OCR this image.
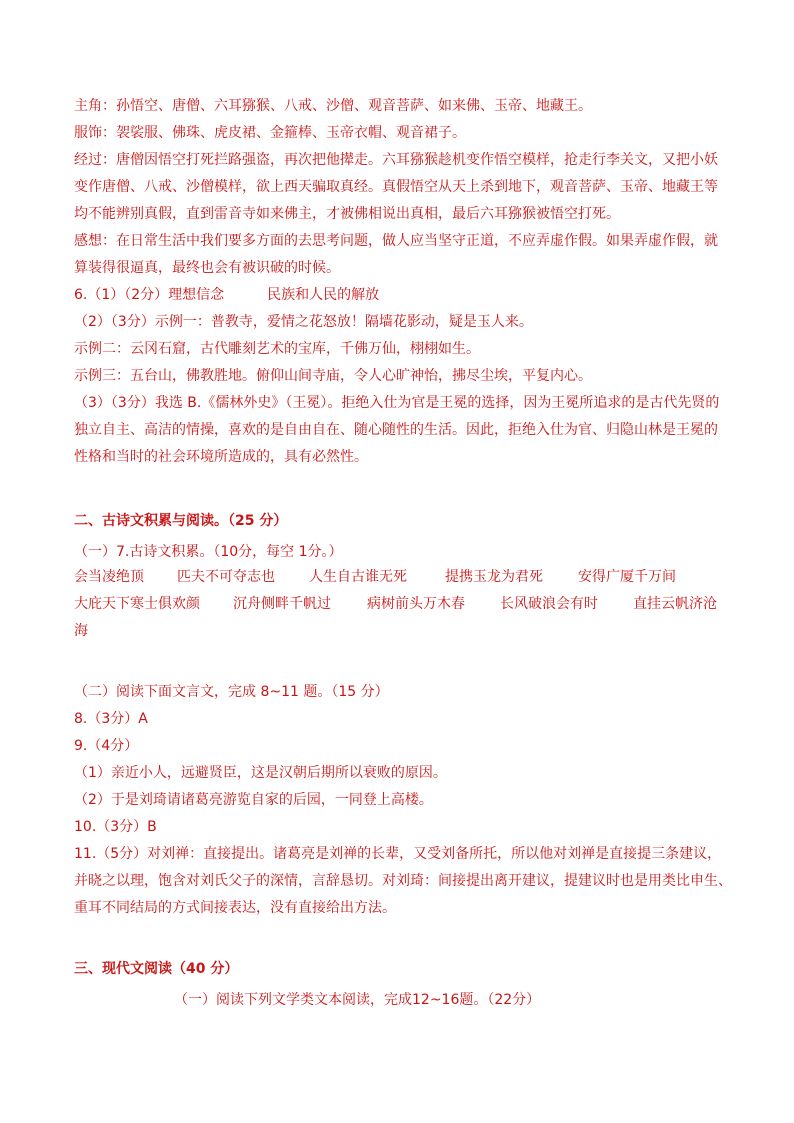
主角：孙悟空、唐僧、六耳猕猴、八戒、沙僧、观音菩萨、如来佛、玉帝、地藏王。
服饰：袈裟服、佛珠、虎皮裙、金箍棒、玉帝衣帽、观音裙子。
经过：唐僧因悟空打死拦路强盗，再次把他撵走。六耳猕猴趁机变作悟空模样，抢走行李关文，又把小妖
变作唐僧、八戒、沙僧模样，欲上西天骗取真经。真假悟空从天上杀到地下，观音菩萨、玉帝、地藏王等
均不能辨别真假，直到雷音寺如来佛主，才被佛相说出真相，最后六耳猕猴被悟空打死。
感想：在日常生活中我们要多方面的去思考问题，做人应当坚守正道，不应弄虚作假。如果弄虚作假，就
算装得很逼真，最终也会有被识破的时候。
6.（1）（2分）理想信念	民族和人民的解放
（2）（3分）示例一：普教寺，爱情之花怒放！隔墙花影动，疑是玉人来。
示例二：云冈石窟，古代雕刻艺术的宝库，千佛万仙，栩栩如生。
示例三：五台山，佛教胜地。俯仰山间寺庙，令人心旷神怡，拂尽尘埃，平复内心。
（3）（3分）我选 B.《儒林外史》（王冕）。拒绝入仕为官是王冕的选择，因为王冕所追求的是古代先贤的
独立自主、高洁的情操，喜欢的是自由自在、随心随性的生活。因此，拒绝入仕为官、归隐山林是王冕的
性格和当时的社会环境所造成的，具有必然性。
二、古诗文积累与阅读。（25 分）
（一）7.古诗文积累。（10分，每空 1分。）
会当凌绝顶 匹夫不可夺志也 人生自古谁无死	提携玉龙为君死	安得广厦千万间
大庇天下寒士俱欢颜 沉舟侧畔千帆过	病树前头万木春	长风破浪会有时	直挂云帆济沧
海
（二）阅读下面文言文，完成 8~11 题。（15 分）
8.（3分）A
9.（4分）
（1）亲近小人，远避贤臣，这是汉朝后期所以衰败的原因。
（2）于是刘琦请诸葛亮游览自家的后园，一同登上高楼。
10.（3分）B
11.（5分）对刘禅：直接提出。诸葛亮是刘禅的长辈，又受刘备所托，所以他对刘禅是直接提三条建议，
并晓之以理，饱含对刘氏父子的深情，言辞恳切。对刘琦：间接提出离开建议，提建议时也是用类比申生、
重耳不同结局的方式间接表达，没有直接给出方法。
三、现代文阅读（40 分）
（一）阅读下列文学类文本阅读，完成12~16题。（22分）
